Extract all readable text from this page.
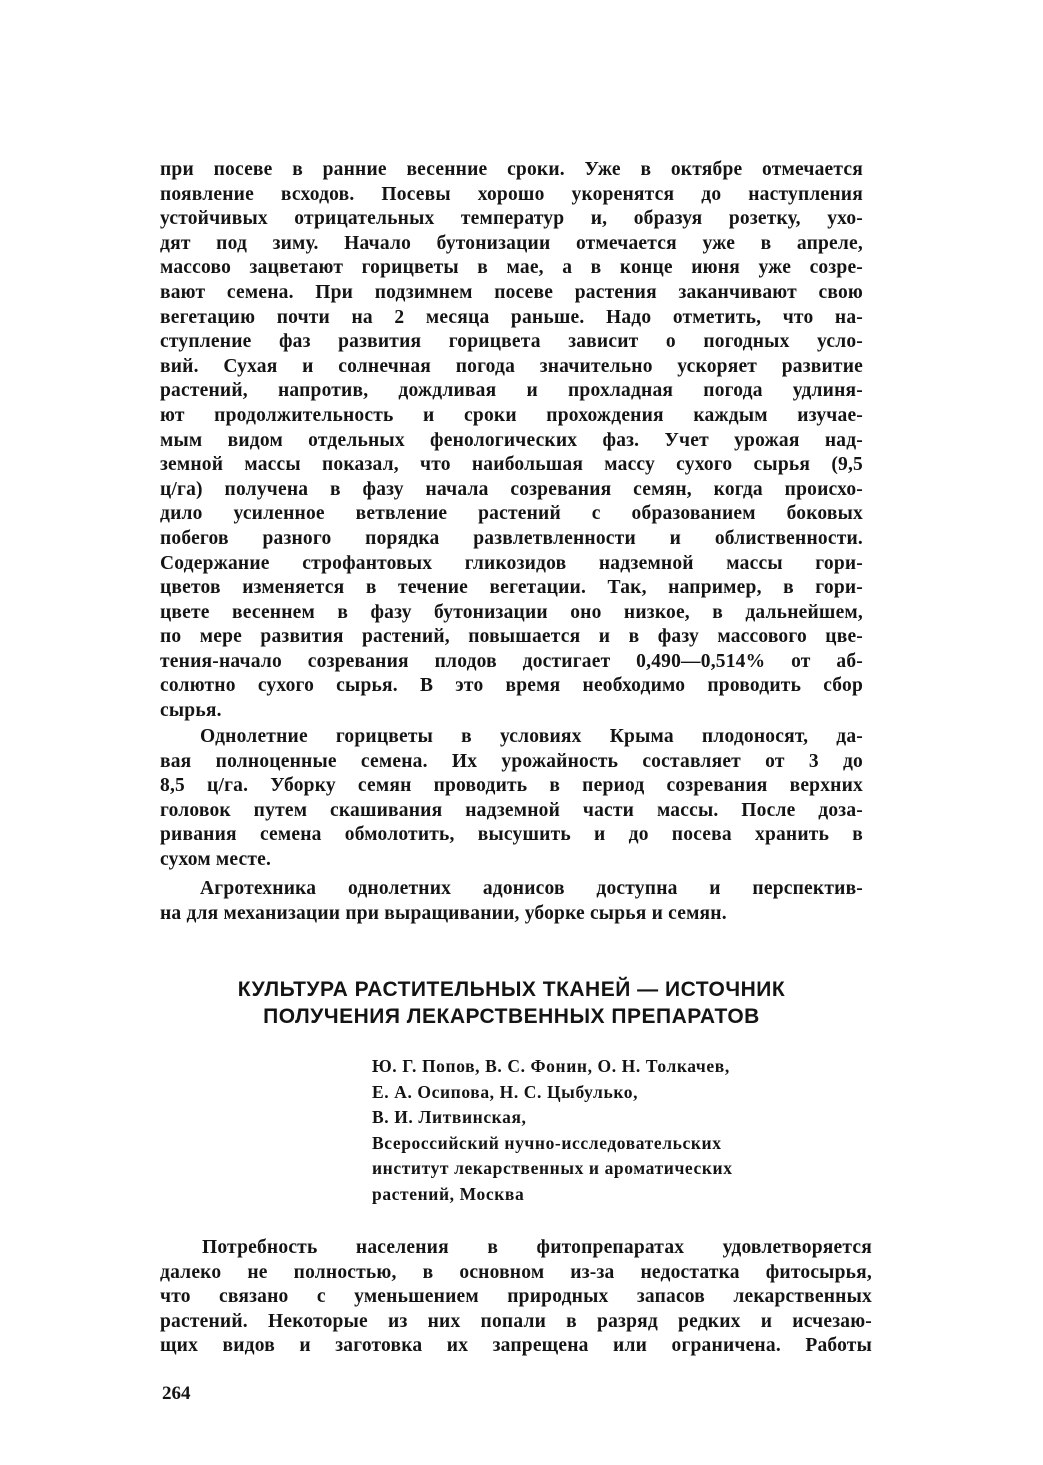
при посеве в ранние весенние сроки. Уже в октябре отмечается
появление всходов. Посевы хорошо укоренятся до наступления
устойчивых отрицательных температур и, образуя розетку, ухо-
дят под зиму. Начало бутонизации отмечается уже в апреле,
массово зацветают горицветы в мае, а в конце июня уже созре-
вают семена. При подзимнем посеве растения заканчивают свою
вегетацию почти на 2 месяца раньше. Надо отметить, что на-
ступление фаз развития горицвета зависит о погодных усло-
вий. Сухая и солнечная погода значительно ускоряет развитие
растений, напротив, дождливая и прохладная погода удлиня-
ют продолжительность и сроки прохождения каждым изучае-
мым видом отдельных фенологических фаз. Учет урожая над-
земной массы показал, что наибольшая массу сухого сырья (9,5
ц/га) получена в фазу начала созревания семян, когда происхо-
дило усиленное ветвление растений с образованием боковых
побегов разного порядка развлетвленности и облиственности.
Содержание строфантовых гликозидов надземной массы гори-
цветов изменяется в течение вегетации. Так, например, в гори-
цвете весеннем в фазу бутонизации оно низкое, в дальнейшем,
по мере развития растений, повышается и в фазу массового цве-
тения-начало созревания плодов достигает 0,490—0,514% от аб-
солютно сухого сырья. В это время необходимо проводить сбор
сырья.
Однолетние горицветы в условиях Крыма плодоносят, да-
вая полноценные семена. Их урожайность составляет от 3 до
8,5 ц/га. Уборку семян проводить в период созревания верхних
головок путем скашивания надземной части массы. После доза-
ривания семена обмолотить, высушить и до посева хранить в
сухом месте.
Агротехника однолетних адонисов доступна и перспектив-
на для механизации при выращивании, уборке сырья и семян.
КУЛЬТУРА РАСТИТЕЛЬНЫХ ТКАНЕЙ — ИСТОЧНИК
ПОЛУЧЕНИЯ ЛЕКАРСТВЕННЫХ ПРЕПАРАТОВ
Ю. Г. Попов, В. С. Фонин, О. Н. Толкачев,
Е. А. Осипова, Н. С. Цыбулько,
В. И. Литвинская,
Всероссийский нучно-исследовательских
институт лекарственных и ароматических
растений, Москва
Потребность населения в фитопрепаратах удовлетворяется
далеко не полностью, в основном из-за недостатка фитосырья,
что связано с уменьшением природных запасов лекарственных
растений. Некоторые из них попали в разряд редких и исчезаю-
щих видов и заготовка их запрещена или ограничена. Работы
264
